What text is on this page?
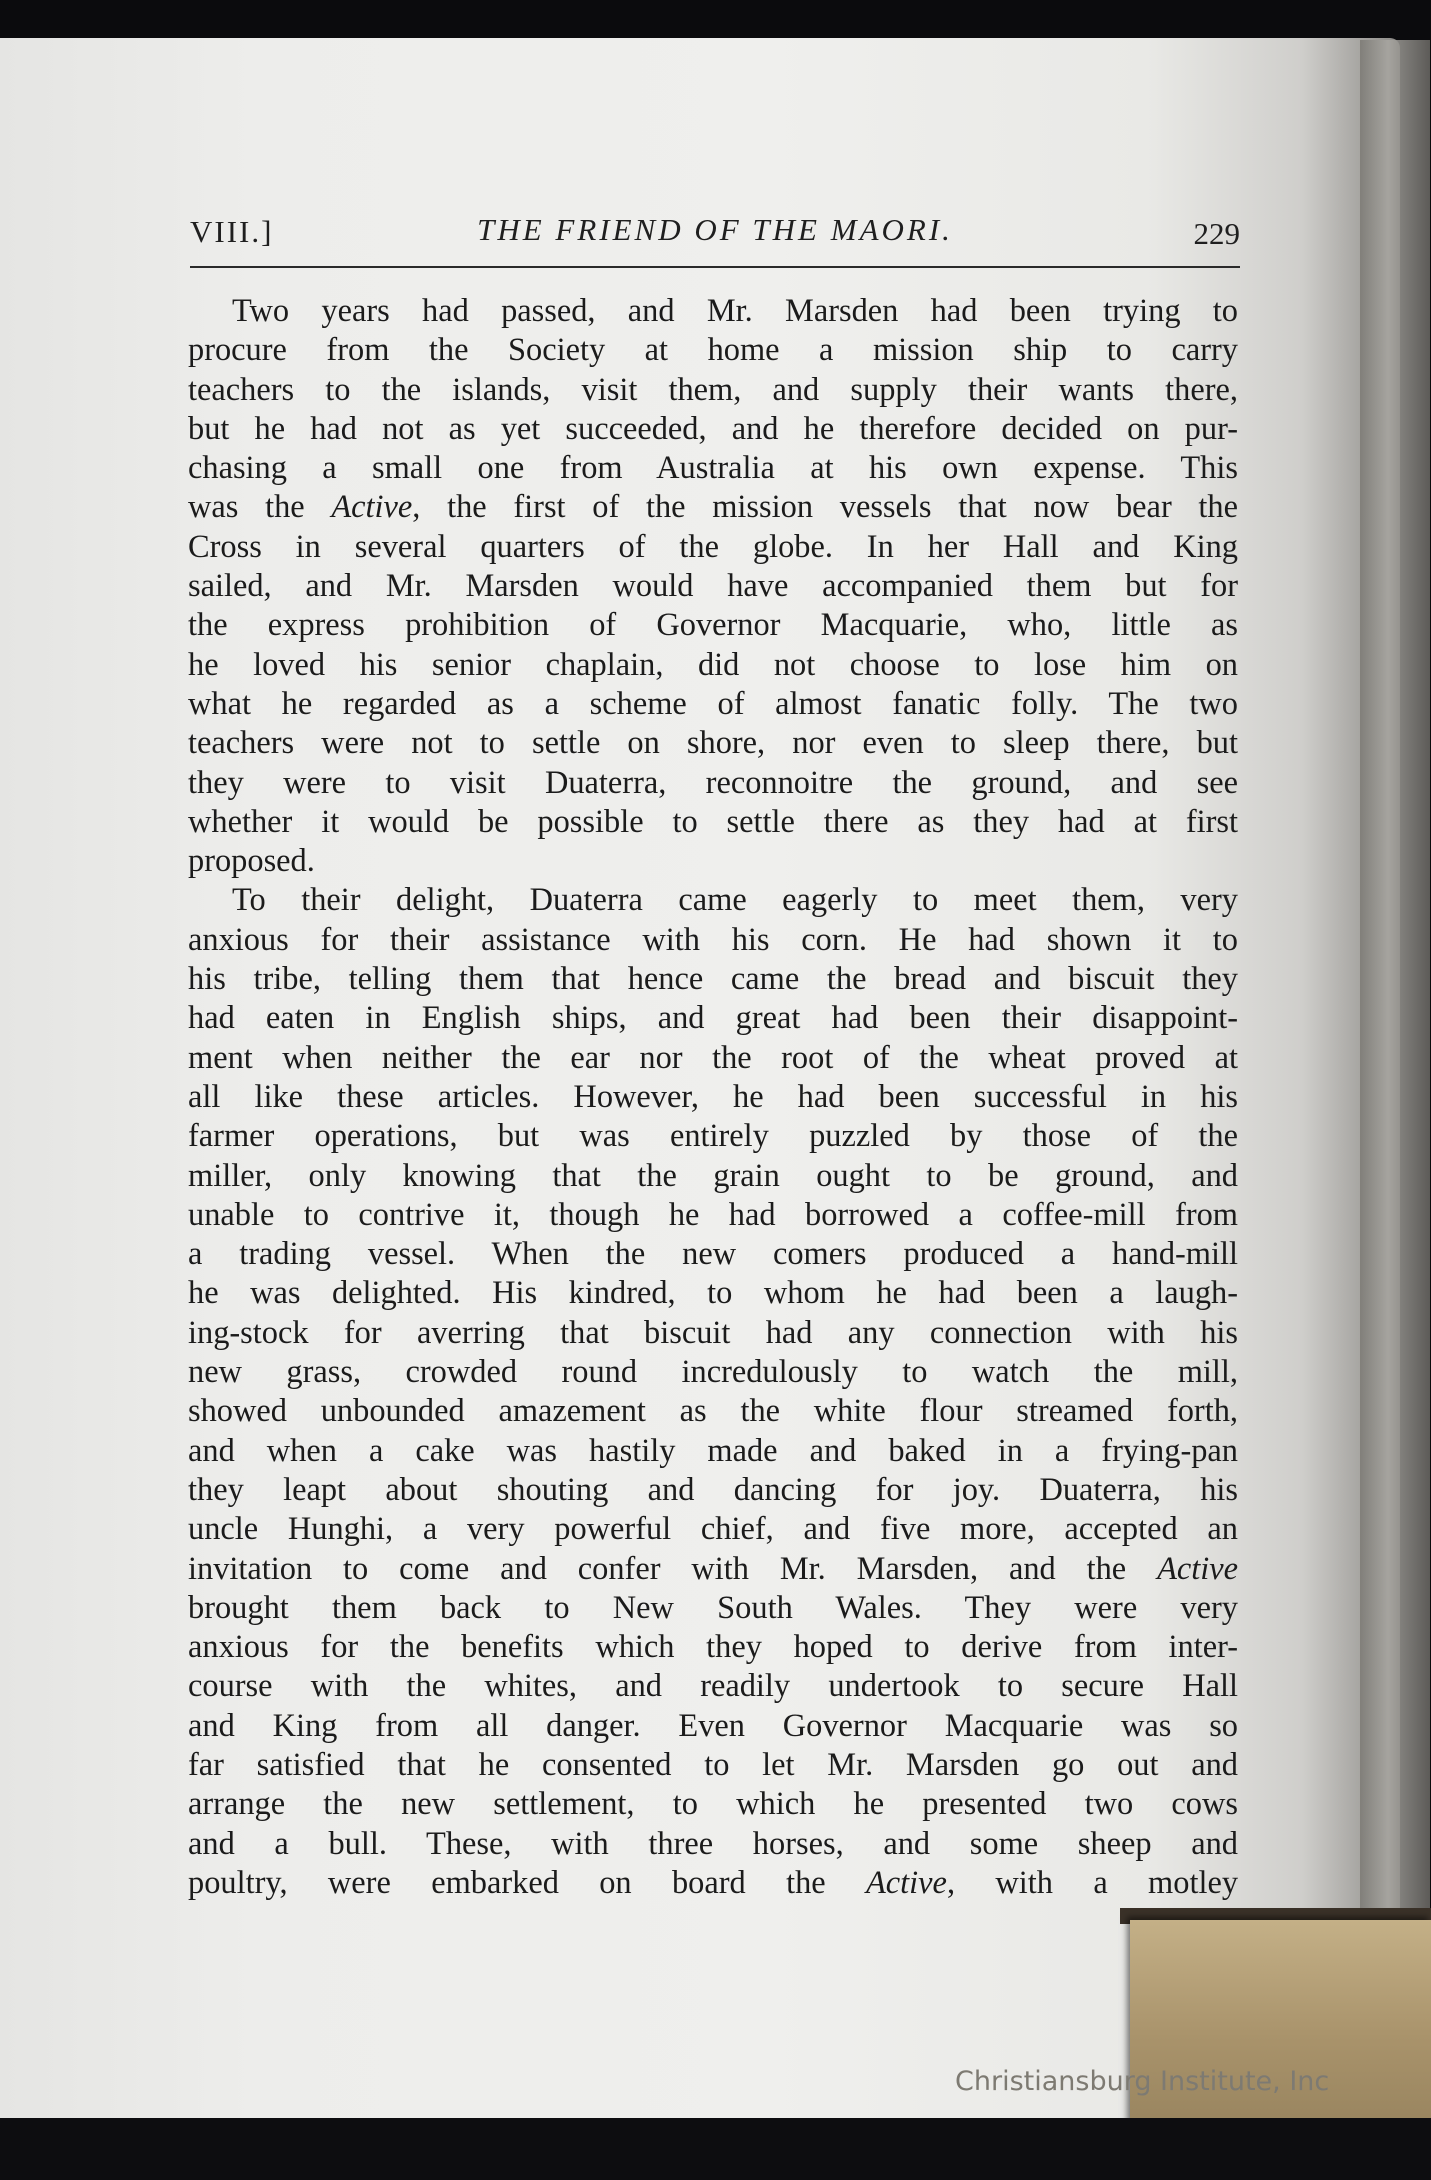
VIII.]	THE FRIEND OF THE MAORI.	229
Two years had passed, and Mr. Marsden had been trying to
procure from the Society at home a mission ship to carry
teachers to the islands, visit them, and supply their wants there,
but he had not as yet succeeded, and he therefore decided on pur-
chasing a small one from Australia at his own expense. This
was the Active, the first of the mission vessels that now bear the
Cross in several quarters of the globe. In her Hall and King
sailed, and Mr. Marsden would have accompanied them but for
the express prohibition of Governor Macquarie, who, little as
he loved his senior chaplain, did not choose to lose him on
what he regarded as a scheme of almost fanatic folly. The two
teachers were not to settle on shore, nor even to sleep there, but
they were to visit Duaterra, reconnoitre the ground, and see
whether it would be possible to settle there as they had at first
proposed.
To their delight, Duaterra came eagerly to meet them, very
anxious for their assistance with his corn. He had shown it to
his tribe, telling them that hence came the bread and biscuit they
had eaten in English ships, and great had been their disappoint-
ment when neither the ear nor the root of the wheat proved at
all like these articles. However, he had been successful in his
farmer operations, but was entirely puzzled by those of the
miller, only knowing that the grain ought to be ground, and
unable to contrive it, though he had borrowed a coffee-mill from
a trading vessel. When the new comers produced a hand-mill
he was delighted. His kindred, to whom he had been a laugh-
ing-stock for averring that biscuit had any connection with his
new grass, crowded round incredulously to watch the mill,
showed unbounded amazement as the white flour streamed forth,
and when a cake was hastily made and baked in a frying-pan
they leapt about shouting and dancing for joy. Duaterra, his
uncle Hunghi, a very powerful chief, and five more, accepted an
invitation to come and confer with Mr. Marsden, and the Active
brought them back to New South Wales. They were very
anxious for the benefits which they hoped to derive from inter-
course with the whites, and readily undertook to secure Hall
and King from all danger. Even Governor Macquarie was so
far satisfied that he consented to let Mr. Marsden go out and
arrange the new settlement, to which he presented two cows
and a bull. These, with three horses, and some sheep and
poultry, were embarked on board the Active, with a motley
Christiansburg Institute, Inc
